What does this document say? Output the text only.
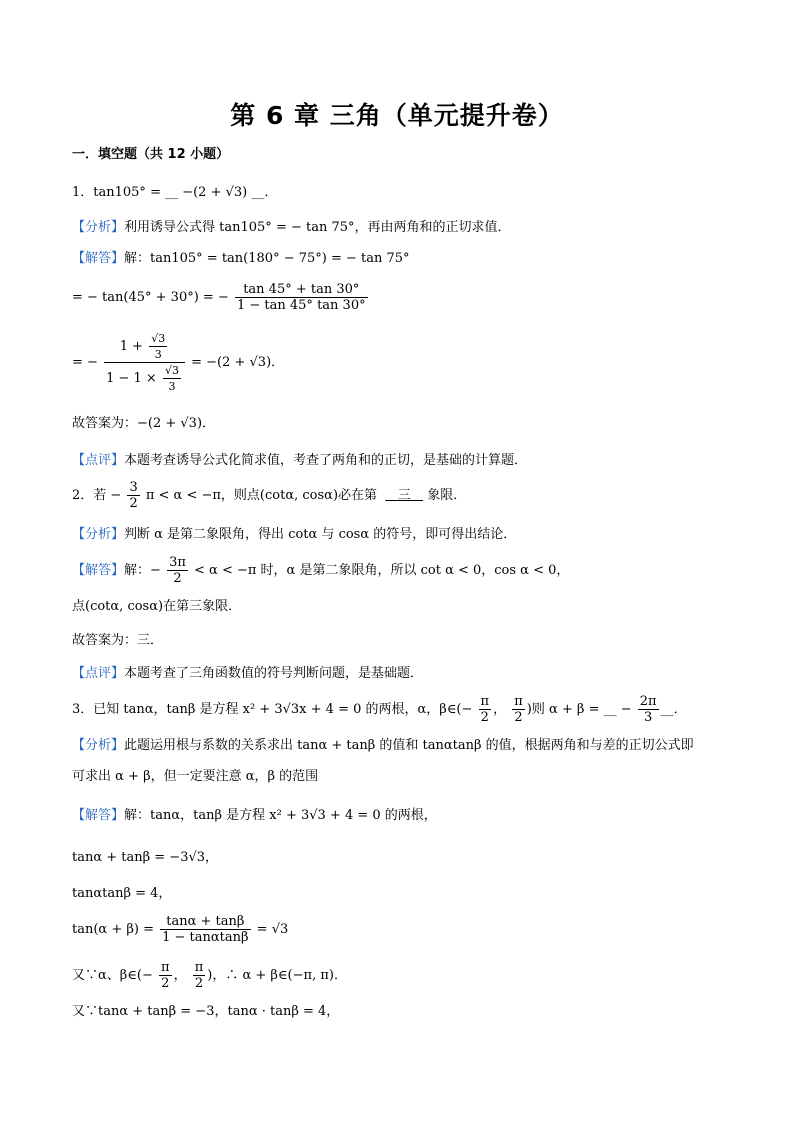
第 6 章 三角（单元提升卷）
一．填空题（共 12 小题）
1．tan105° = __ −(2 + √3) __．
【分析】利用诱导公式得 tan105° = − tan 75°，再由两角和的正切求值．
【解答】解：tan105° = tan(180° − 75°) = − tan 75°
= − tan(45° + 30°) = − $\frac{\tan 45^\circ + \tan 30^\circ}{1 - \tan 45^\circ \tan 30^\circ}$
= − $\frac{1 + \frac{√3}{3}}{1 - 1 \times \frac{√3}{3}} = -(2 + √3)$．
故答案为：−(2 + √3)．
【点评】本题考查诱导公式化简求值，考查了两角和的正切，是基础的计算题．
2．若 − $\frac{3}{2}$ π < α < −π，则点(cotα, cosα)必在第 三 象限．
【分析】判断 α 是第二象限角，得出 cotα 与 cosα 的符号，即可得出结论．
【解答】解：− $\frac{3\pi}{2} < \alpha < -\pi$ 时，α 是第二象限角，所以 cot α < 0，cos α < 0，
点(cotα, cosα)在第三象限．
故答案为：三．
【点评】本题考查了三角函数值的符号判断问题，是基础题．
3．已知 tanα，tanβ 是方程 x² + 3√3x + 4 = 0 的两根，α，β∈(− $\frac{\pi}{2}$ ， $\frac{\pi}{2}$ )则 α + β = __ − $\frac{2\pi}{3}$ __．
【分析】此题运用根与系数的关系求出 tanα + tanβ 的值和 tanαtanβ 的值，根据两角和与差的正切公式即
可求出 α + β，但一定要注意 α，β 的范围
【解答】解：tanα，tanβ 是方程 x² + 3√3 + 4 = 0 的两根，
tanα + tanβ = −3√3，
tanαtanβ = 4，
$\tan(\alpha + \beta) = \frac{\tan\alpha + \tan\beta}{1 - \tan\alpha\tan\beta} = √3$
又∵α、β∈(− $\frac{\pi}{2}$ ， $\frac{\pi}{2}$ )，∴ α + β∈(−π, π)．
又∵tanα + tanβ = −3，tanα · tanβ = 4，
